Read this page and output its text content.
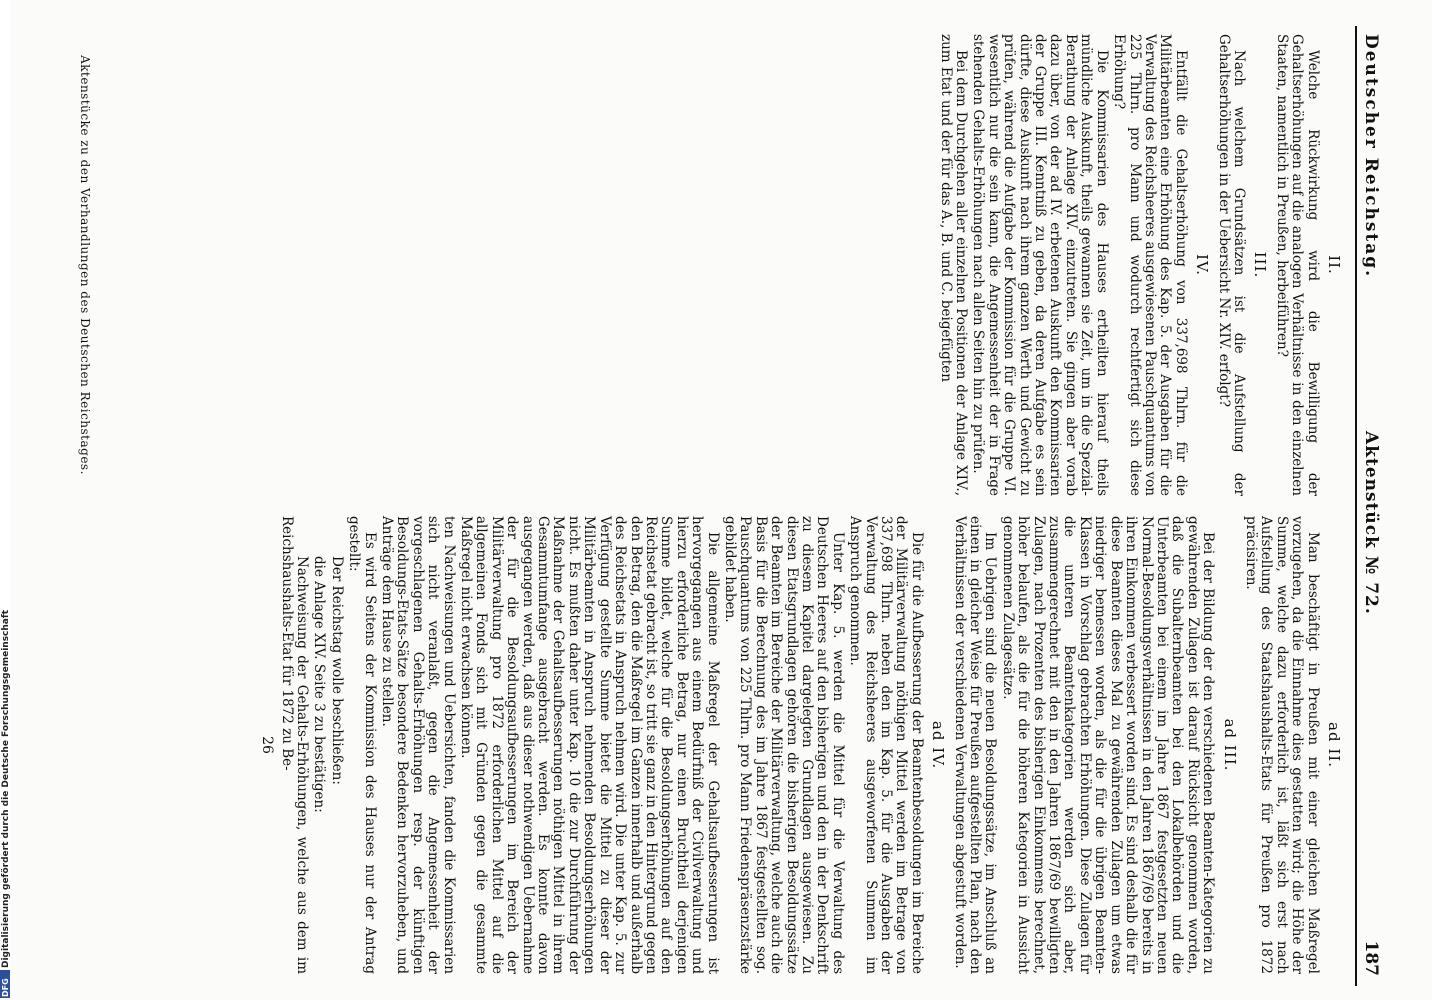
Deutscher Reichstag.
Aktenstück № 72.
187

II.

Welche Rückwirkung wird die Bewilligung der Gehaltserhöhungen auf die analogen Verhältnisse in den einzelnen Staaten, namentlich in Preußen, herbeiführen?

III.

Nach welchem Grundsätzen ist die Aufstellung der Gehaltserhöhungen in der Uebersicht Nr. XIV. erfolgt?

IV.

Entfällt die Gehaltserhöhung von 337,698 Thlrn. für die Militärbeamten eine Erhöhung des Kap. 5. der Ausgaben für die Verwaltung des Reichsheeres ausgewiesenen Pauschquantums von 225 Thlrn. pro Mann und wodurch rechtfertigt sich diese Erhöhung?

Die Kommissarien des Hauses ertheilten hierauf theils mündliche Auskunft, theils gewannen sie Zeit, um in die Spezial-Berathung der Anlage XIV. einzutreten. Sie gingen aber vorab dazu über, von der ad IV. erbetenen Auskunft den Kommissarien der Gruppe III. Kenntniß zu geben, da deren Aufgabe es sein dürfte, diese Auskunft nach ihrem ganzen Werth und Gewicht zu prüfen, während die Aufgabe der Kommission für die Gruppe VI. wesentlich nur die sein kann, die Angemessenheit der in Frage stehenden Gehalts-Erhöhungen nach allen Seiten hin zu prüfen.

Bei dem Durchgehen aller einzelnen Positionen der Anlage XIV., zum Etat und der für das A., B. und C. beigefügten

ad II.

Man beschäftigt in Preußen mit einer gleichen Maßregel vorzugehen, da die Einnahme dies gestatten wird; die Höhe der Summe, welche dazu erforderlich ist, läßt sich erst nach Aufstellung des Staatshaushalts-Etats für Preußen pro 1872 präcisiren.

ad III.

Bei der Bildung der den verschiedenen Beamten-Kategorien zu gewährenden Zulagen ist darauf Rücksicht genommen worden, daß die Subalternbeamten bei den Lokalbehörden und die Unterbeamten bei einem im Jahre 1867 festgesetzten neuen Normal-Besoldungsverhältnissen in den Jahren 1867/69 bereits in ihren Einkommen verbessert worden sind. Es sind deshalb die für diese Beamten dieses Mal zu gewährenden Zulagen um etwas niedriger bemessen worden, als die für die übrigen Beamten-Klassen in Vorschlag gebrachten Erhöhungen. Diese Zulagen für die unteren Beamtenkategorien werden sich aber, zusammengerechnet mit den in den Jahren 1867/69 bewilligten Zulagen, nach Prozenten des bisherigen Einkommens berechnet, höher belaufen, als die für die höheren Kategorien in Aussicht genommenen Zulagesätze.

Im Uebrigen sind die neuen Besoldungssätze, im Anschluß an einen in gleicher Weise für Preußen aufgestellten Plan, nach den Verhältnissen der verschiedenen Verwaltungen abgestuft worden.

ad IV.

Die für die Aufbesserung der Beamtenbesoldungen im Bereiche der Militärverwaltung nöthigen Mittel werden im Betrage von 337,698 Thlrn. neben den im Kap. 5. für die Ausgaben der Verwaltung des Reichsheeres ausgeworfenen Summen im Anspruch genommen.

Unter Kap. 5. werden die Mittel für die Verwaltung des Deutschen Heeres auf den bisherigen und den in der Denkschrift zu diesem Kapitel dargelegten Grundlagen ausgewiesen. Zu diesen Etatsgrundlagen gehören die bisherigen Besoldungssätze der Beamten im Bereiche der Militärverwaltung, welche auch die Basis für die Berechnung des im Jahre 1867 festgestellten sog. Pauschquantums von 225 Thlrn. pro Mann Friedenspräsenzstärke gebildet haben.

Die allgemeine Maßregel der Gehaltsaufbesserungen ist hervorgegangen aus einem Bedürfniß der Civilverwaltung und hierzu erforderliche Betrag, nur einen Bruchtheil derjenigen Summe bildet, welche für die Besoldungserhöhungen auf den Reichsetat gebracht ist, so tritt sie ganz in den Hintergrund gegen den Betrag, den die Maßregel im Ganzen innerhalb und außerhalb des Reichsetats in Anspruch nehmen wird. Die unter Kap. 5. zur Verfügung gestellte Summe bietet die Mittel zu dieser der Militärbeamten in Anspruch nehmenden Besoldungserhöhungen nicht. Es mußten daher unter Kap. 10 die zur Durchführung der Maßnahme der Gehaltsaufbesserungen nöthigen Mittel in ihrem Gesammtumfange ausgebracht werden. Es konnte davon ausgegangen werden, daß aus dieser nothwendigen Uebernahme der für die Besoldungsaufbesserungen im Bereich der Militärverwaltung pro 1872 erforderlichen Mittel auf die allgemeinen Fonds sich mit Gründen gegen die gesammte Maßregel nicht erwachsen können.

ten Nachweisungen und Uebersichten, fanden die Kommissarien sich nicht veranlaßt, gegen die Angemessenheit der vorgeschlagenen Gehalts-Erhöhungen resp. der künftigen Besoldungs-Etats-Sätze besondere Bedenken hervorzuheben, und Anträge dem Hause zu stellen.

Es wird Seitens der Kommission des Hauses nur der Antrag gestellt:

Der Reichstag wolle beschließen:

die Anlage XIV. Seite 3 zu bestätigen:

Nachweisung der Gehalts-Erhöhungen, welche aus dem im Reichshaushalts-Etat für 1872 zu Be-

26

Aktenstücke zu den Verhandlungen des Deutschen Reichstages.
Digitalisierung gefördert durch die Deutsche Forschungsgemeinschaft
DFG
